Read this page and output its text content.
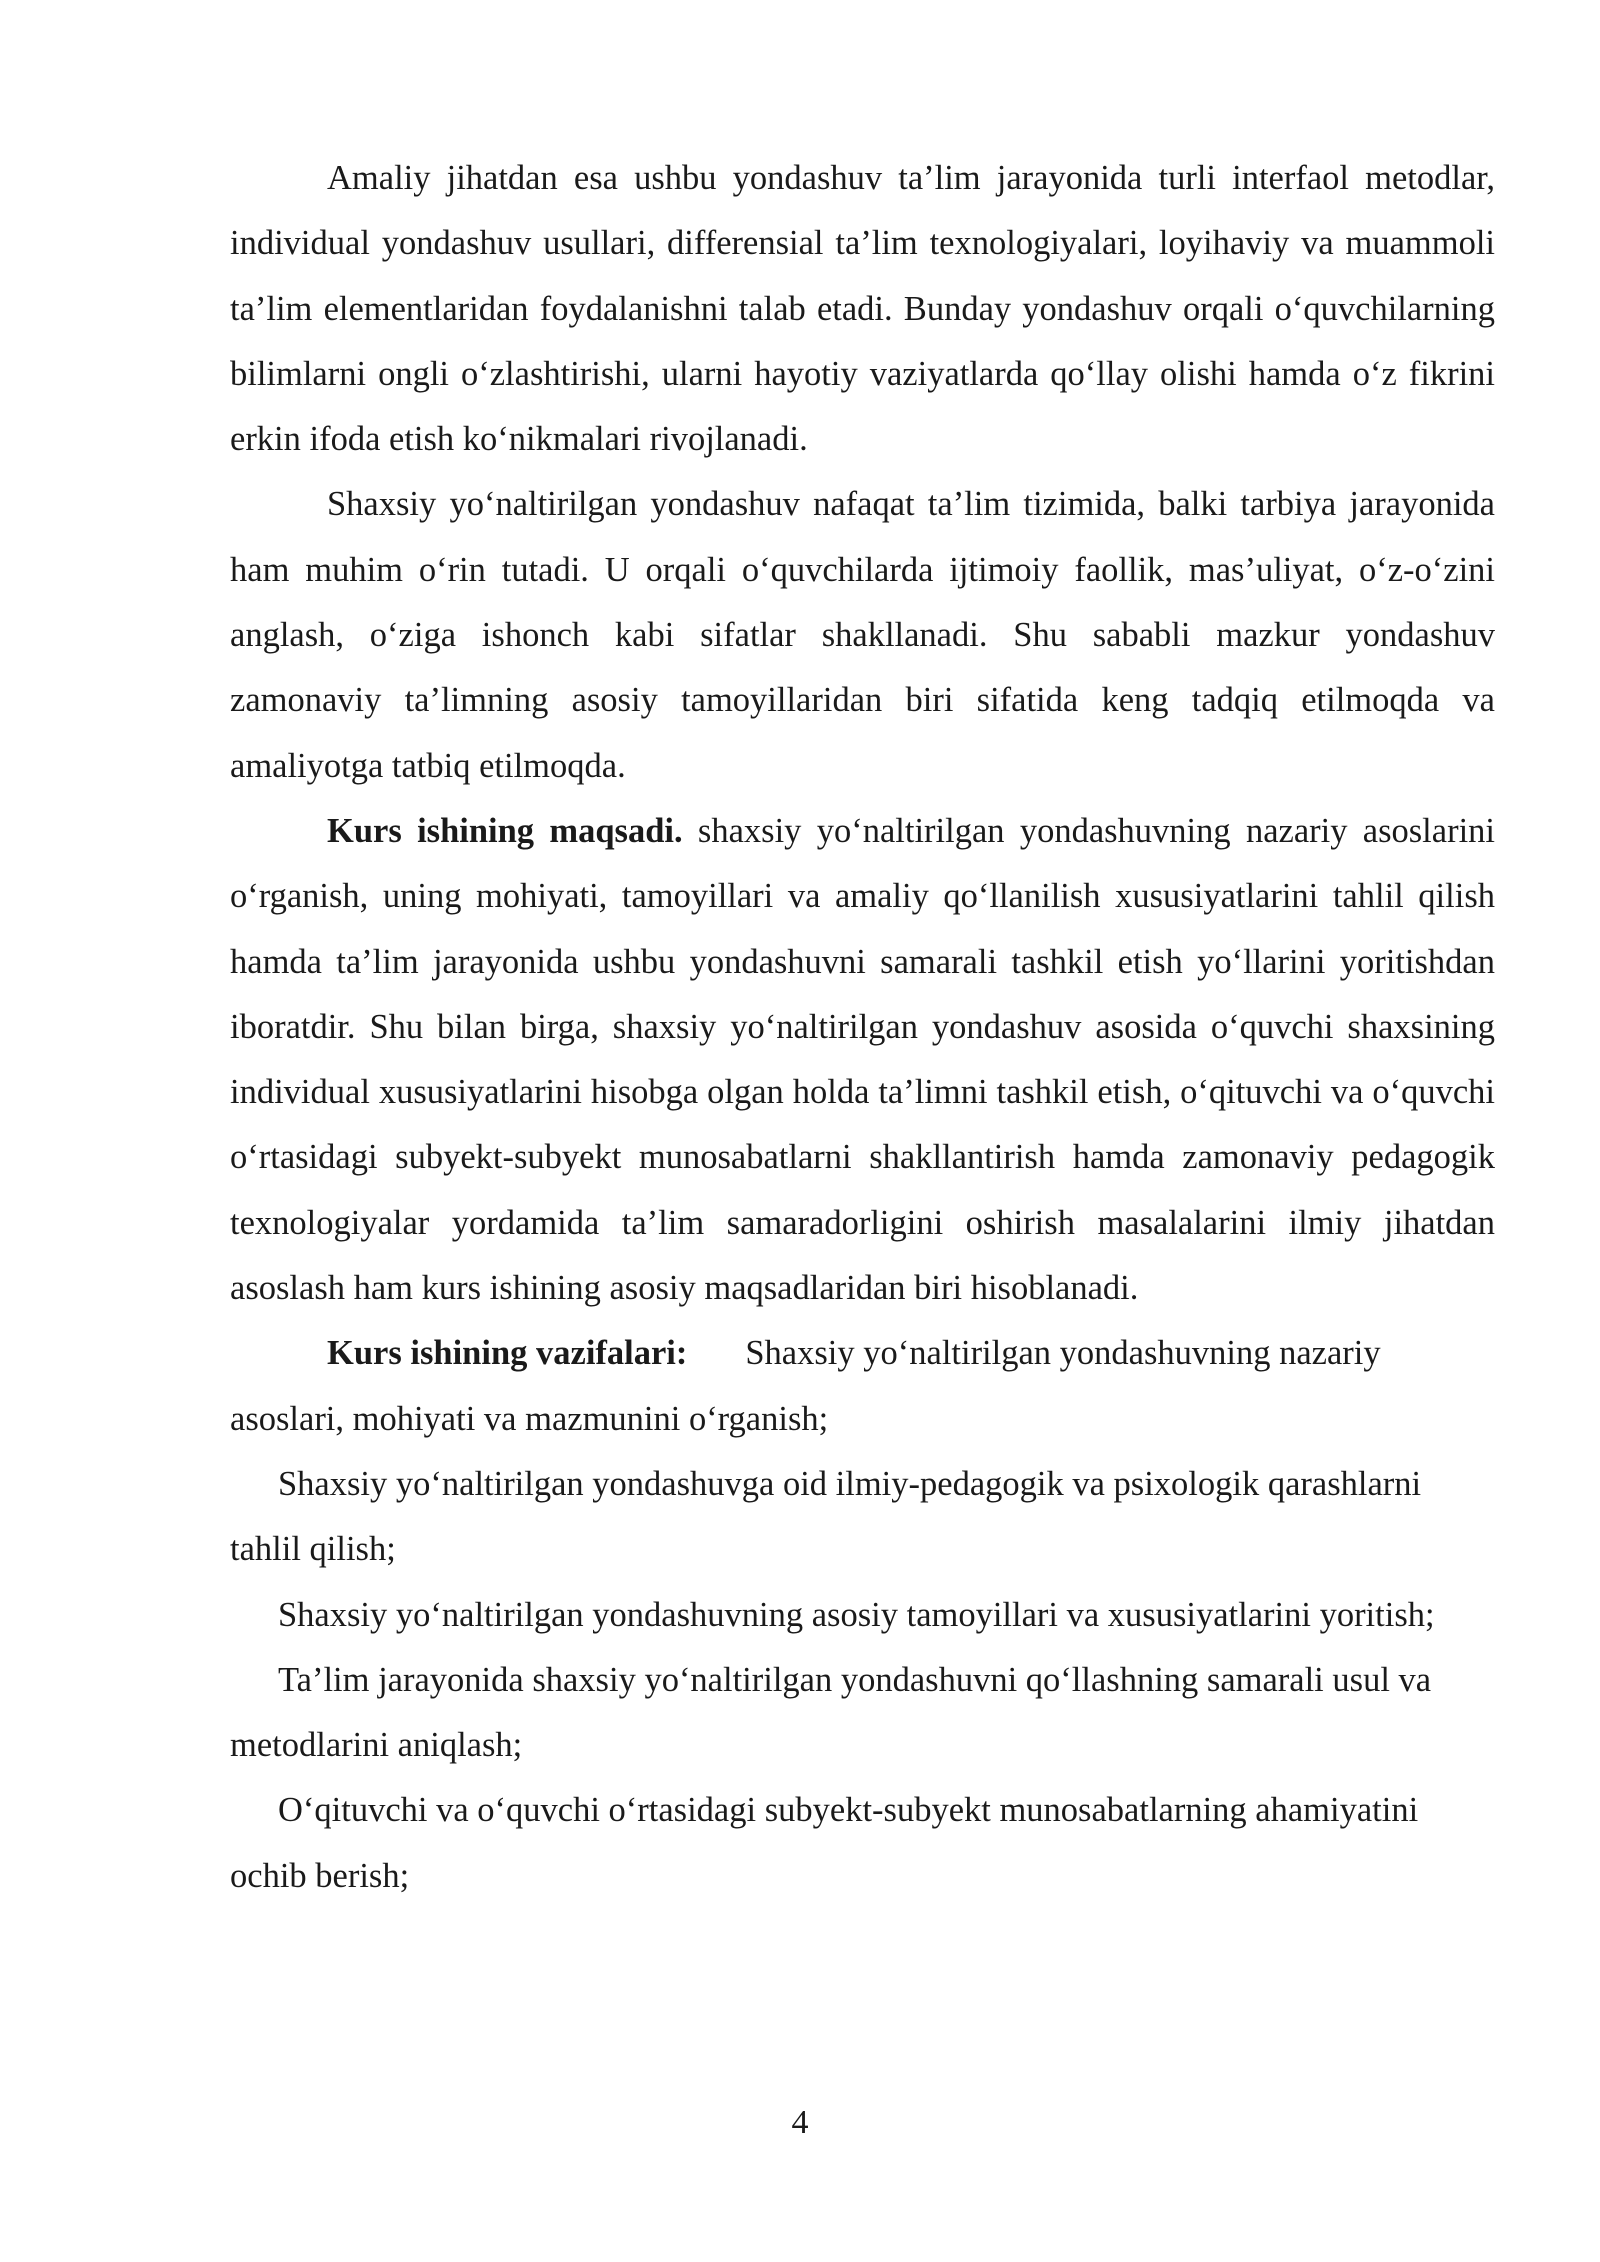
Amaliy jihatdan esa ushbu yondashuv ta’lim jarayonida turli interfaol metodlar, individual yondashuv usullari, differensial ta’lim texnologiyalari, loyihaviy va muammoli ta’lim elementlaridan foydalanishni talab etadi. Bunday yondashuv orqali o‘quvchilarning bilimlarni ongli o‘zlashtirishi, ularni hayotiy vaziyatlarda qo‘llay olishi hamda o‘z fikrini erkin ifoda etish ko‘nikmalari rivojlanadi.

Shaxsiy yo‘naltirilgan yondashuv nafaqat ta’lim tizimida, balki tarbiya jarayonida ham muhim o‘rin tutadi. U orqali o‘quvchilarda ijtimoiy faollik, mas’uliyat, o‘z-o‘zini anglash, o‘ziga ishonch kabi sifatlar shakllanadi. Shu sababli mazkur yondashuv zamonaviy ta’limning asosiy tamoyillaridan biri sifatida keng tadqiq etilmoqda va amaliyotga tatbiq etilmoqda.

Kurs ishining maqsadi. shaxsiy yo‘naltirilgan yondashuvning nazariy asoslarini o‘rganish, uning mohiyati, tamoyillari va amaliy qo‘llanilish xususiyatlarini tahlil qilish hamda ta’lim jarayonida ushbu yondashuvni samarali tashkil etish yo‘llarini yoritishdan iboratdir. Shu bilan birga, shaxsiy yo‘naltirilgan yondashuv asosida o‘quvchi shaxsining individual xususiyatlarini hisobga olgan holda ta’limni tashkil etish, o‘qituvchi va o‘quvchi o‘rtasidagi subyekt-subyekt munosabatlarni shakllantirish hamda zamonaviy pedagogik texnologiyalar yordamida ta’lim samaradorligini oshirish masalalarini ilmiy jihatdan asoslash ham kurs ishining asosiy maqsadlaridan biri hisoblanadi.

Kurs ishining vazifalari: Shaxsiy yo‘naltirilgan yondashuvning nazariy asoslari, mohiyati va mazmunini o‘rganish;

Shaxsiy yo‘naltirilgan yondashuvga oid ilmiy-pedagogik va psixologik qarashlarni tahlil qilish;

Shaxsiy yo‘naltirilgan yondashuvning asosiy tamoyillari va xususiyatlarini yoritish;

Ta’lim jarayonida shaxsiy yo‘naltirilgan yondashuvni qo‘llashning samarali usul va metodlarini aniqlash;

O‘qituvchi va o‘quvchi o‘rtasidagi subyekt-subyekt munosabatlarning ahamiyatini ochib berish;

4
